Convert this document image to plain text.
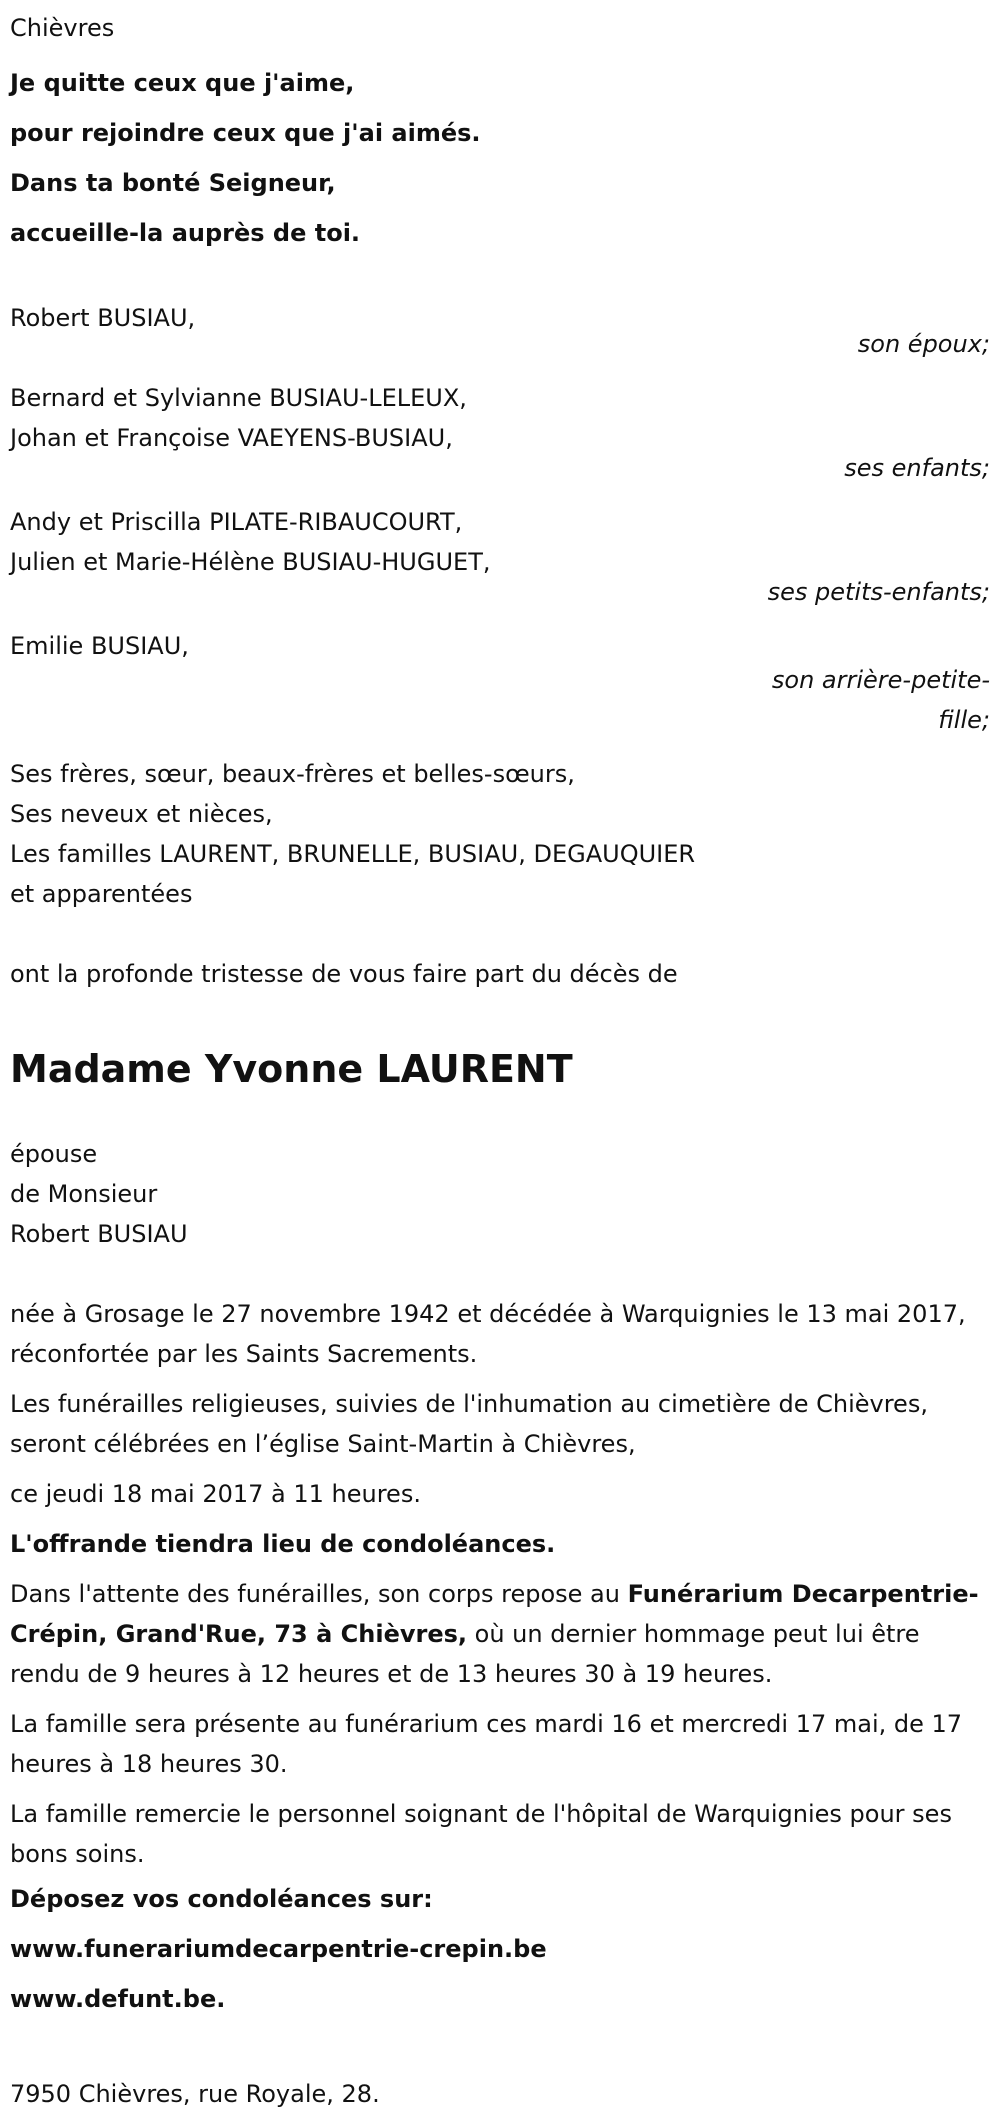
Chièvres
Je quitte ceux que j'aime,
pour rejoindre ceux que j'ai aimés.
Dans ta bonté Seigneur,
accueille-la auprès de toi.
Robert BUSIAU,
son époux;
Bernard et Sylvianne BUSIAU-LELEUX,
Johan et Françoise VAEYENS-BUSIAU,
ses enfants;
Andy et Priscilla PILATE-RIBAUCOURT,
Julien et Marie-Hélène BUSIAU-HUGUET,
ses petits-enfants;
Emilie BUSIAU,
son arrière-petite-fille;
Ses frères, sœur, beaux-frères et belles-sœurs,
Ses neveux et nièces,
Les familles LAURENT, BRUNELLE, BUSIAU, DEGAUQUIER
et apparentées
ont la profonde tristesse de vous faire part du décès de
Madame Yvonne LAURENT
épouse
de Monsieur
Robert BUSIAU
née à Grosage le 27 novembre 1942 et décédée à Warquignies le 13 mai 2017, réconfortée par les Saints Sacrements.
Les funérailles religieuses, suivies de l'inhumation au cimetière de Chièvres, seront célébrées en l’église Saint-Martin à Chièvres,
ce jeudi 18 mai 2017 à 11 heures.
L'offrande tiendra lieu de condoléances.
Dans l'attente des funérailles, son corps repose au Funérarium Decarpentrie-Crépin, Grand'Rue, 73 à Chièvres, où un dernier hommage peut lui être rendu de 9 heures à 12 heures et de 13 heures 30 à 19 heures.
La famille sera présente au funérarium ces mardi 16 et mercredi 17 mai, de 17 heures à 18 heures 30.
La famille remercie le personnel soignant de l'hôpital de Warquignies pour ses bons soins.
Déposez vos condoléances sur:
www.funerariumdecarpentrie-crepin.be
www.defunt.be.
7950 Chièvres, rue Royale, 28.
